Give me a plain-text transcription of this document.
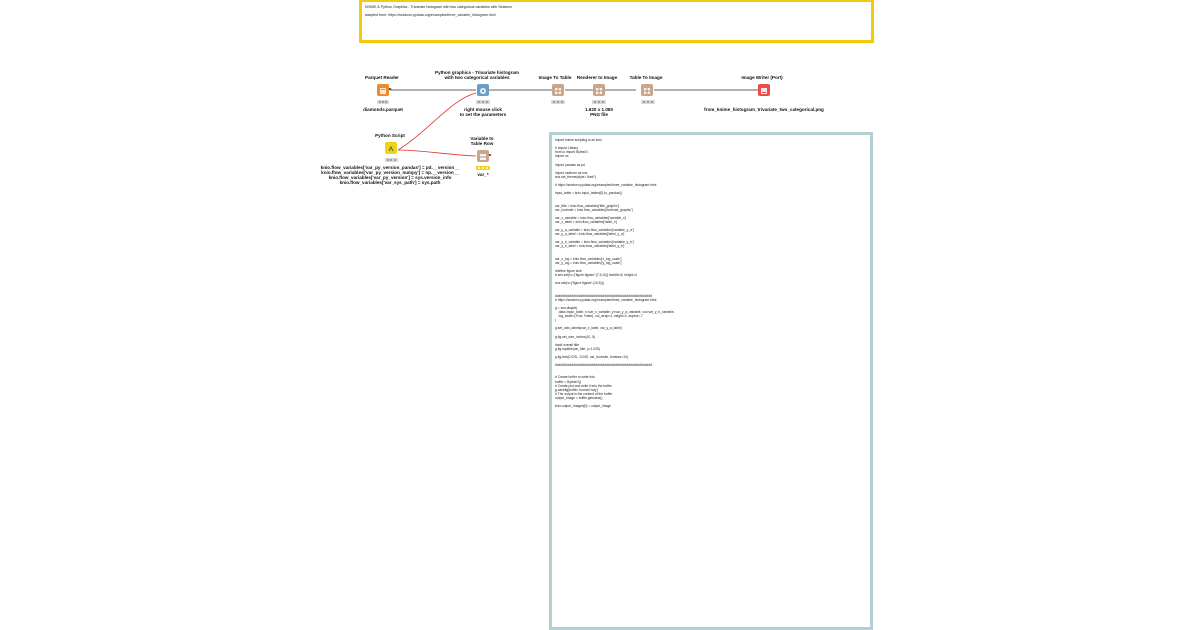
KNIME & Python Graphics - Trivariate histogram with two categorical variables with Seaborn
adapted from: https://seaborn.pydata.org/examples/three_variable_histogram.html
import knime.scripting.io as knio

# Import Library
from io import BytesIO
import os

import pandas as pd

import seaborn as sns
sns.set_theme(style="dark")

# https://seaborn.pydata.org/examples/three_variable_histogram.html

input_table = knio.input_tables[0].to_pandas()

var_title = knio.flow_variables['title_graphic']
var_footnote = knio.flow_variables['footnote_graphic']

var_x_variable = knio.flow_variables['variable_x']
var_x_label = knio.flow_variables['label_x']

var_y_a_variable = knio.flow_variables['variable_y_a']
var_y_a_label = knio.flow_variables['label_y_a']

var_y_b_variable = knio.flow_variables['variable_y_b']
var_y_b_label = knio.flow_variables['label_y_b']

var_x_log = knio.flow_variables['x_log_scale']
var_y_log = knio.flow_variables['y_log_scale']

#define figure size
# sns.set(rc={'figure.figsize':(7.5,10)} #width=8, height=4

sns.set(rc={'figure.figsize':(10,5)})

#####################################################
# https://seaborn.pydata.org/examples/three_variable_histogram.html

g = sns.displot(
data=input_table, x=var_x_variable, y=var_y_a_variable, col=var_y_b_variable,
log_scale=(True, False), col_wrap=4, height=4, aspect=.7
)

g.set_axis_labels(var_x_label, var_y_a_label)

g.fig.set_size_inches(10, 5)

#add overall title
g.fig.suptitle(var_title, y=1.025)

g.fig.text(0.025, -0.025, var_footnote, fontsize=10)

#####################################################

# Create buffer to write into
buffer = BytesIO()
# Create plot and write it into the buffer
g.savefig(buffer, format='svg')
# The output is the content of the buffer
output_image = buffer.getvalue()

knio.output_images[0] = output_image
Parquet Reader
diamonds.parquet
Python graphics - Trivariate histogram
with two categorical variables
right mouse click
to set the parameters
Image To Table Renderer to Image
1.920 x 1.080
PNG file
Table To Image	Image Writer (Port)
from_knime_histogram_trivariate_two_categorical.png
Python Script
knio.flow_variables['var_py_version_pandas'] = pd.__version__
knio.flow_variables['var_py_version_numpy'] = np.__version__
knio.flow_variables['var_py_version'] = sys.version_info
knio.flow_variables['var_sys_path'] = sys.path
Variable to
Table Row
var_*
